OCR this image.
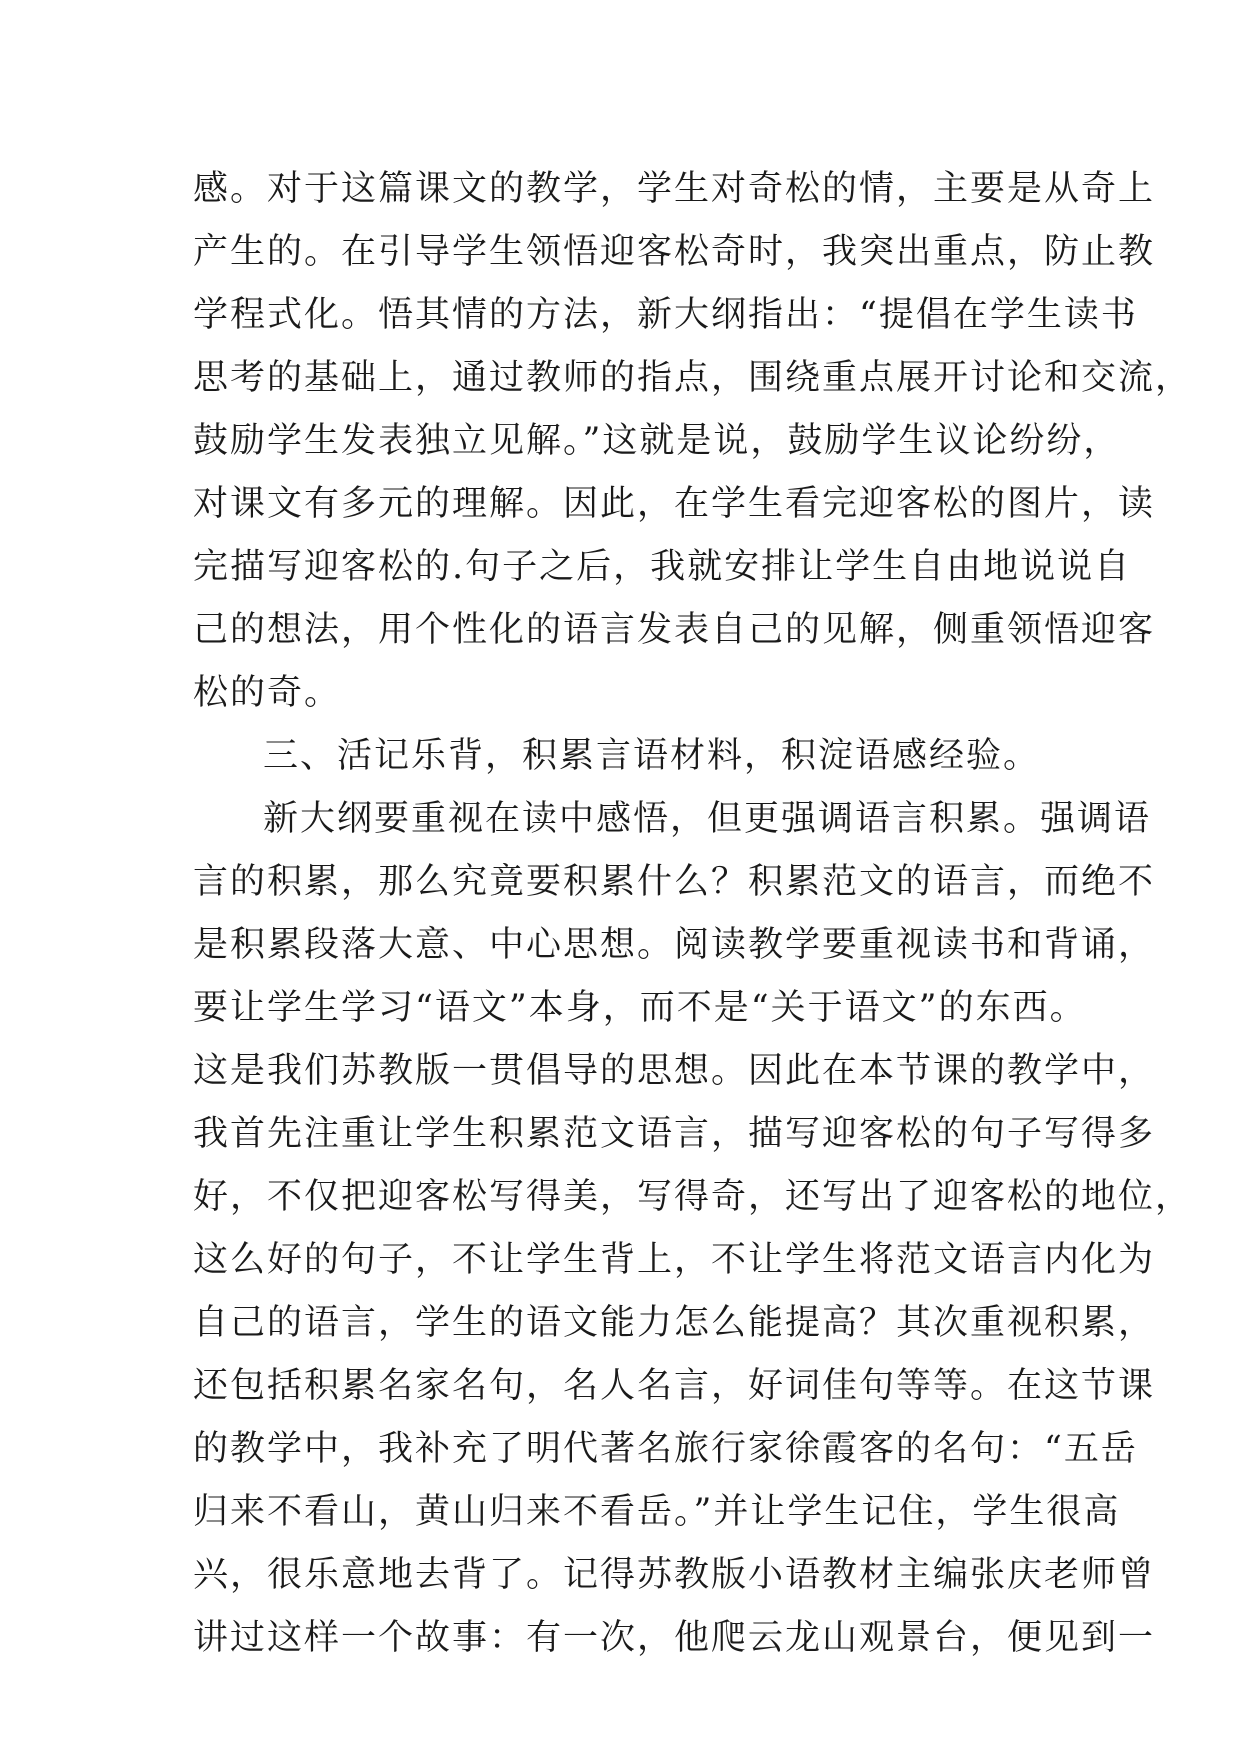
感。对于这篇课文的教学，学生对奇松的情，主要是从奇上
产生的。在引导学生领悟迎客松奇时，我突出重点，防止教
学程式化。悟其情的方法，新大纲指出：“提倡在学生读书
思考的基础上，通过教师的指点，围绕重点展开讨论和交流，
鼓励学生发表独立见解。”这就是说，鼓励学生议论纷纷，
对课文有多元的理解。因此，在学生看完迎客松的图片，读
完描写迎客松的.句子之后，我就安排让学生自由地说说自
己的想法，用个性化的语言发表自己的见解，侧重领悟迎客
松的奇。
三、活记乐背，积累言语材料，积淀语感经验。
新大纲要重视在读中感悟，但更强调语言积累。强调语
言的积累，那么究竟要积累什么？积累范文的语言，而绝不
是积累段落大意、中心思想。阅读教学要重视读书和背诵，
要让学生学习“语文”本身，而不是“关于语文”的东西。
这是我们苏教版一贯倡导的思想。因此在本节课的教学中，
我首先注重让学生积累范文语言，描写迎客松的句子写得多
好，不仅把迎客松写得美，写得奇，还写出了迎客松的地位，
这么好的句子，不让学生背上，不让学生将范文语言内化为
自己的语言，学生的语文能力怎么能提高？其次重视积累，
还包括积累名家名句，名人名言，好词佳句等等。在这节课
的教学中，我补充了明代著名旅行家徐霞客的名句：“五岳
归来不看山，黄山归来不看岳。”并让学生记住，学生很高
兴，很乐意地去背了。记得苏教版小语教材主编张庆老师曾
讲过这样一个故事：有一次，他爬云龙山观景台，便见到一
